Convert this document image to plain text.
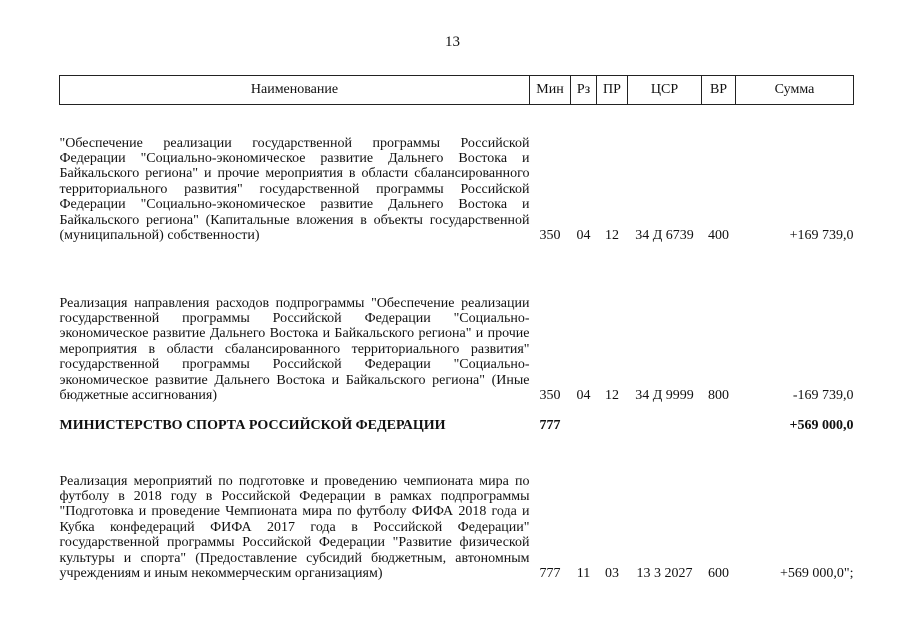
13
Наименование	Мин	Рз	ПР	ЦСР	ВР	Сумма
"Обеспечение реализации государственной программы Российской Федерации "Социально-экономическое развитие Дальнего Востока и Байкальского региона" и прочие мероприятия в области сбалансированного территориального развития" государственной программы Российской Федерации "Социально-экономическое развитие Дальнего Востока и Байкальского региона" (Капитальные вложения в объекты государственной (муниципальной) собственности)	350	04	12	34 Д 6739	400	+169 739,0
Реализация направления расходов подпрограммы "Обеспечение реализации государственной программы Российской Федерации "Социально-экономическое развитие Дальнего Востока и Байкальского региона" и прочие мероприятия в области сбалансированного территориального развития" государственной программы Российской Федерации "Социально-экономическое развитие Дальнего Востока и Байкальского региона" (Иные бюджетные ассигнования)	350	04	12	34 Д 9999	800	-169 739,0
МИНИСТЕРСТВО СПОРТА РОССИЙСКОЙ ФЕДЕРАЦИИ	777					+569 000,0
Реализация мероприятий по подготовке и проведению чемпионата мира по футболу в 2018 году в Российской Федерации в рамках подпрограммы "Подготовка и проведение Чемпионата мира по футболу ФИФА 2018 года и Кубка конфедераций ФИФА 2017 года в Российской Федерации" государственной программы Российской Федерации "Развитие физической культуры и спорта" (Предоставление субсидий бюджетным, автономным учреждениям и иным некоммерческим организациям)	777	11	03	13 3 2027	600	+569 000,0";
